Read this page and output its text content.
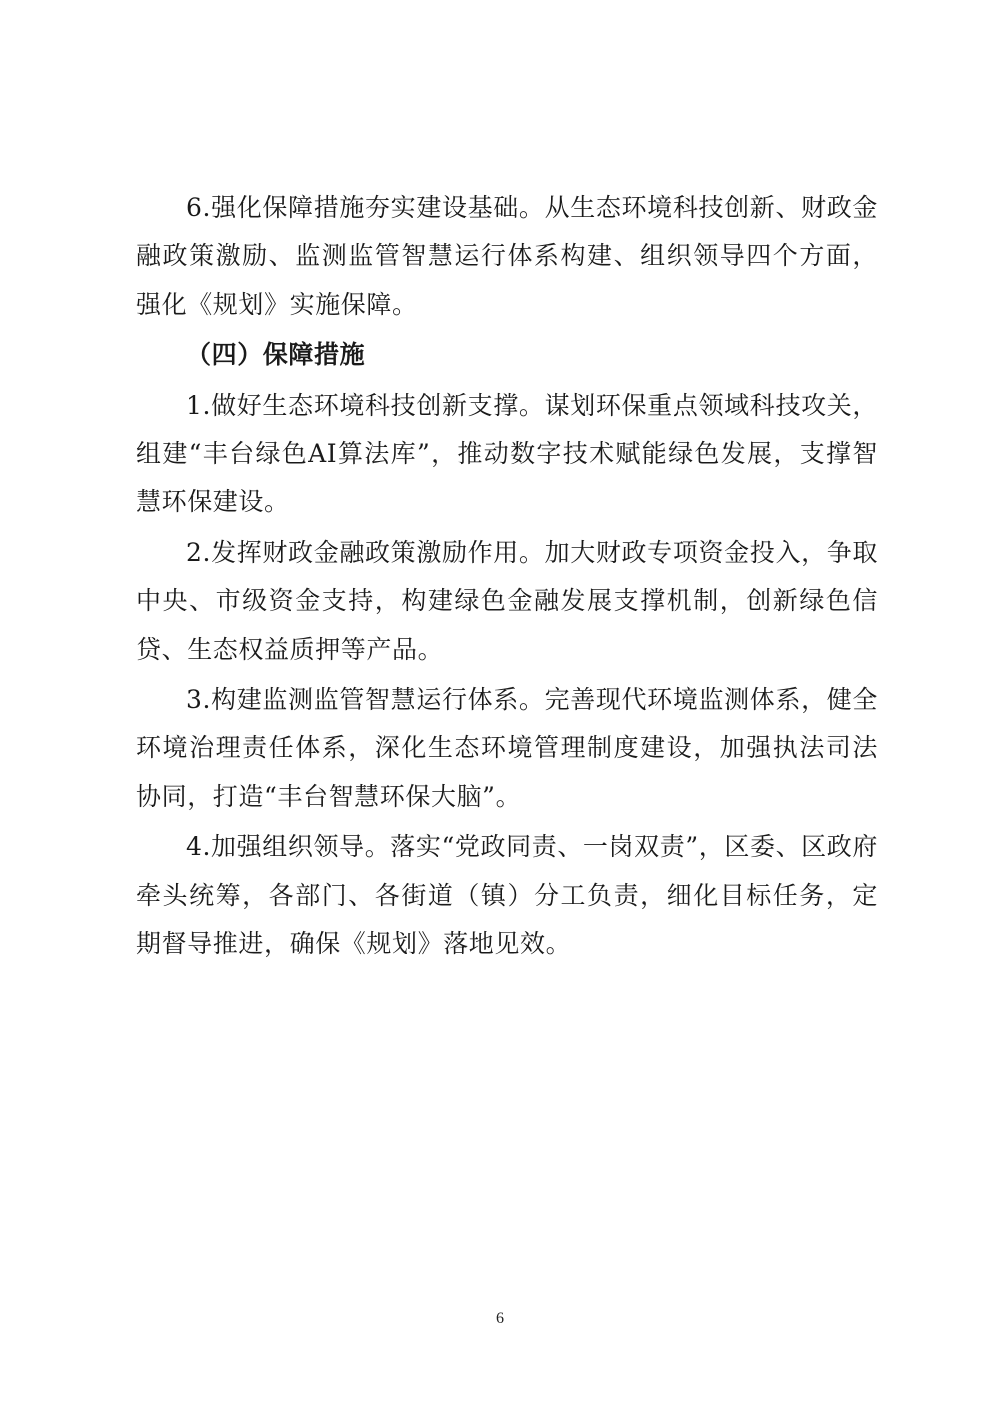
6.强化保障措施夯实建设基础。从生态环境科技创新、财政金融政策激励、监测监管智慧运行体系构建、组织领导四个方面，强化《规划》实施保障。

（四）保障措施

1.做好生态环境科技创新支撑。谋划环保重点领域科技攻关，组建“丰台绿色AI算法库”，推动数字技术赋能绿色发展，支撑智慧环保建设。

2.发挥财政金融政策激励作用。加大财政专项资金投入，争取中央、市级资金支持，构建绿色金融发展支撑机制，创新绿色信贷、生态权益质押等产品。

3.构建监测监管智慧运行体系。完善现代环境监测体系，健全环境治理责任体系，深化生态环境管理制度建设，加强执法司法协同，打造“丰台智慧环保大脑”。

4.加强组织领导。落实“党政同责、一岗双责”，区委、区政府牵头统筹，各部门、各街道（镇）分工负责，细化目标任务，定期督导推进，确保《规划》落地见效。

6
